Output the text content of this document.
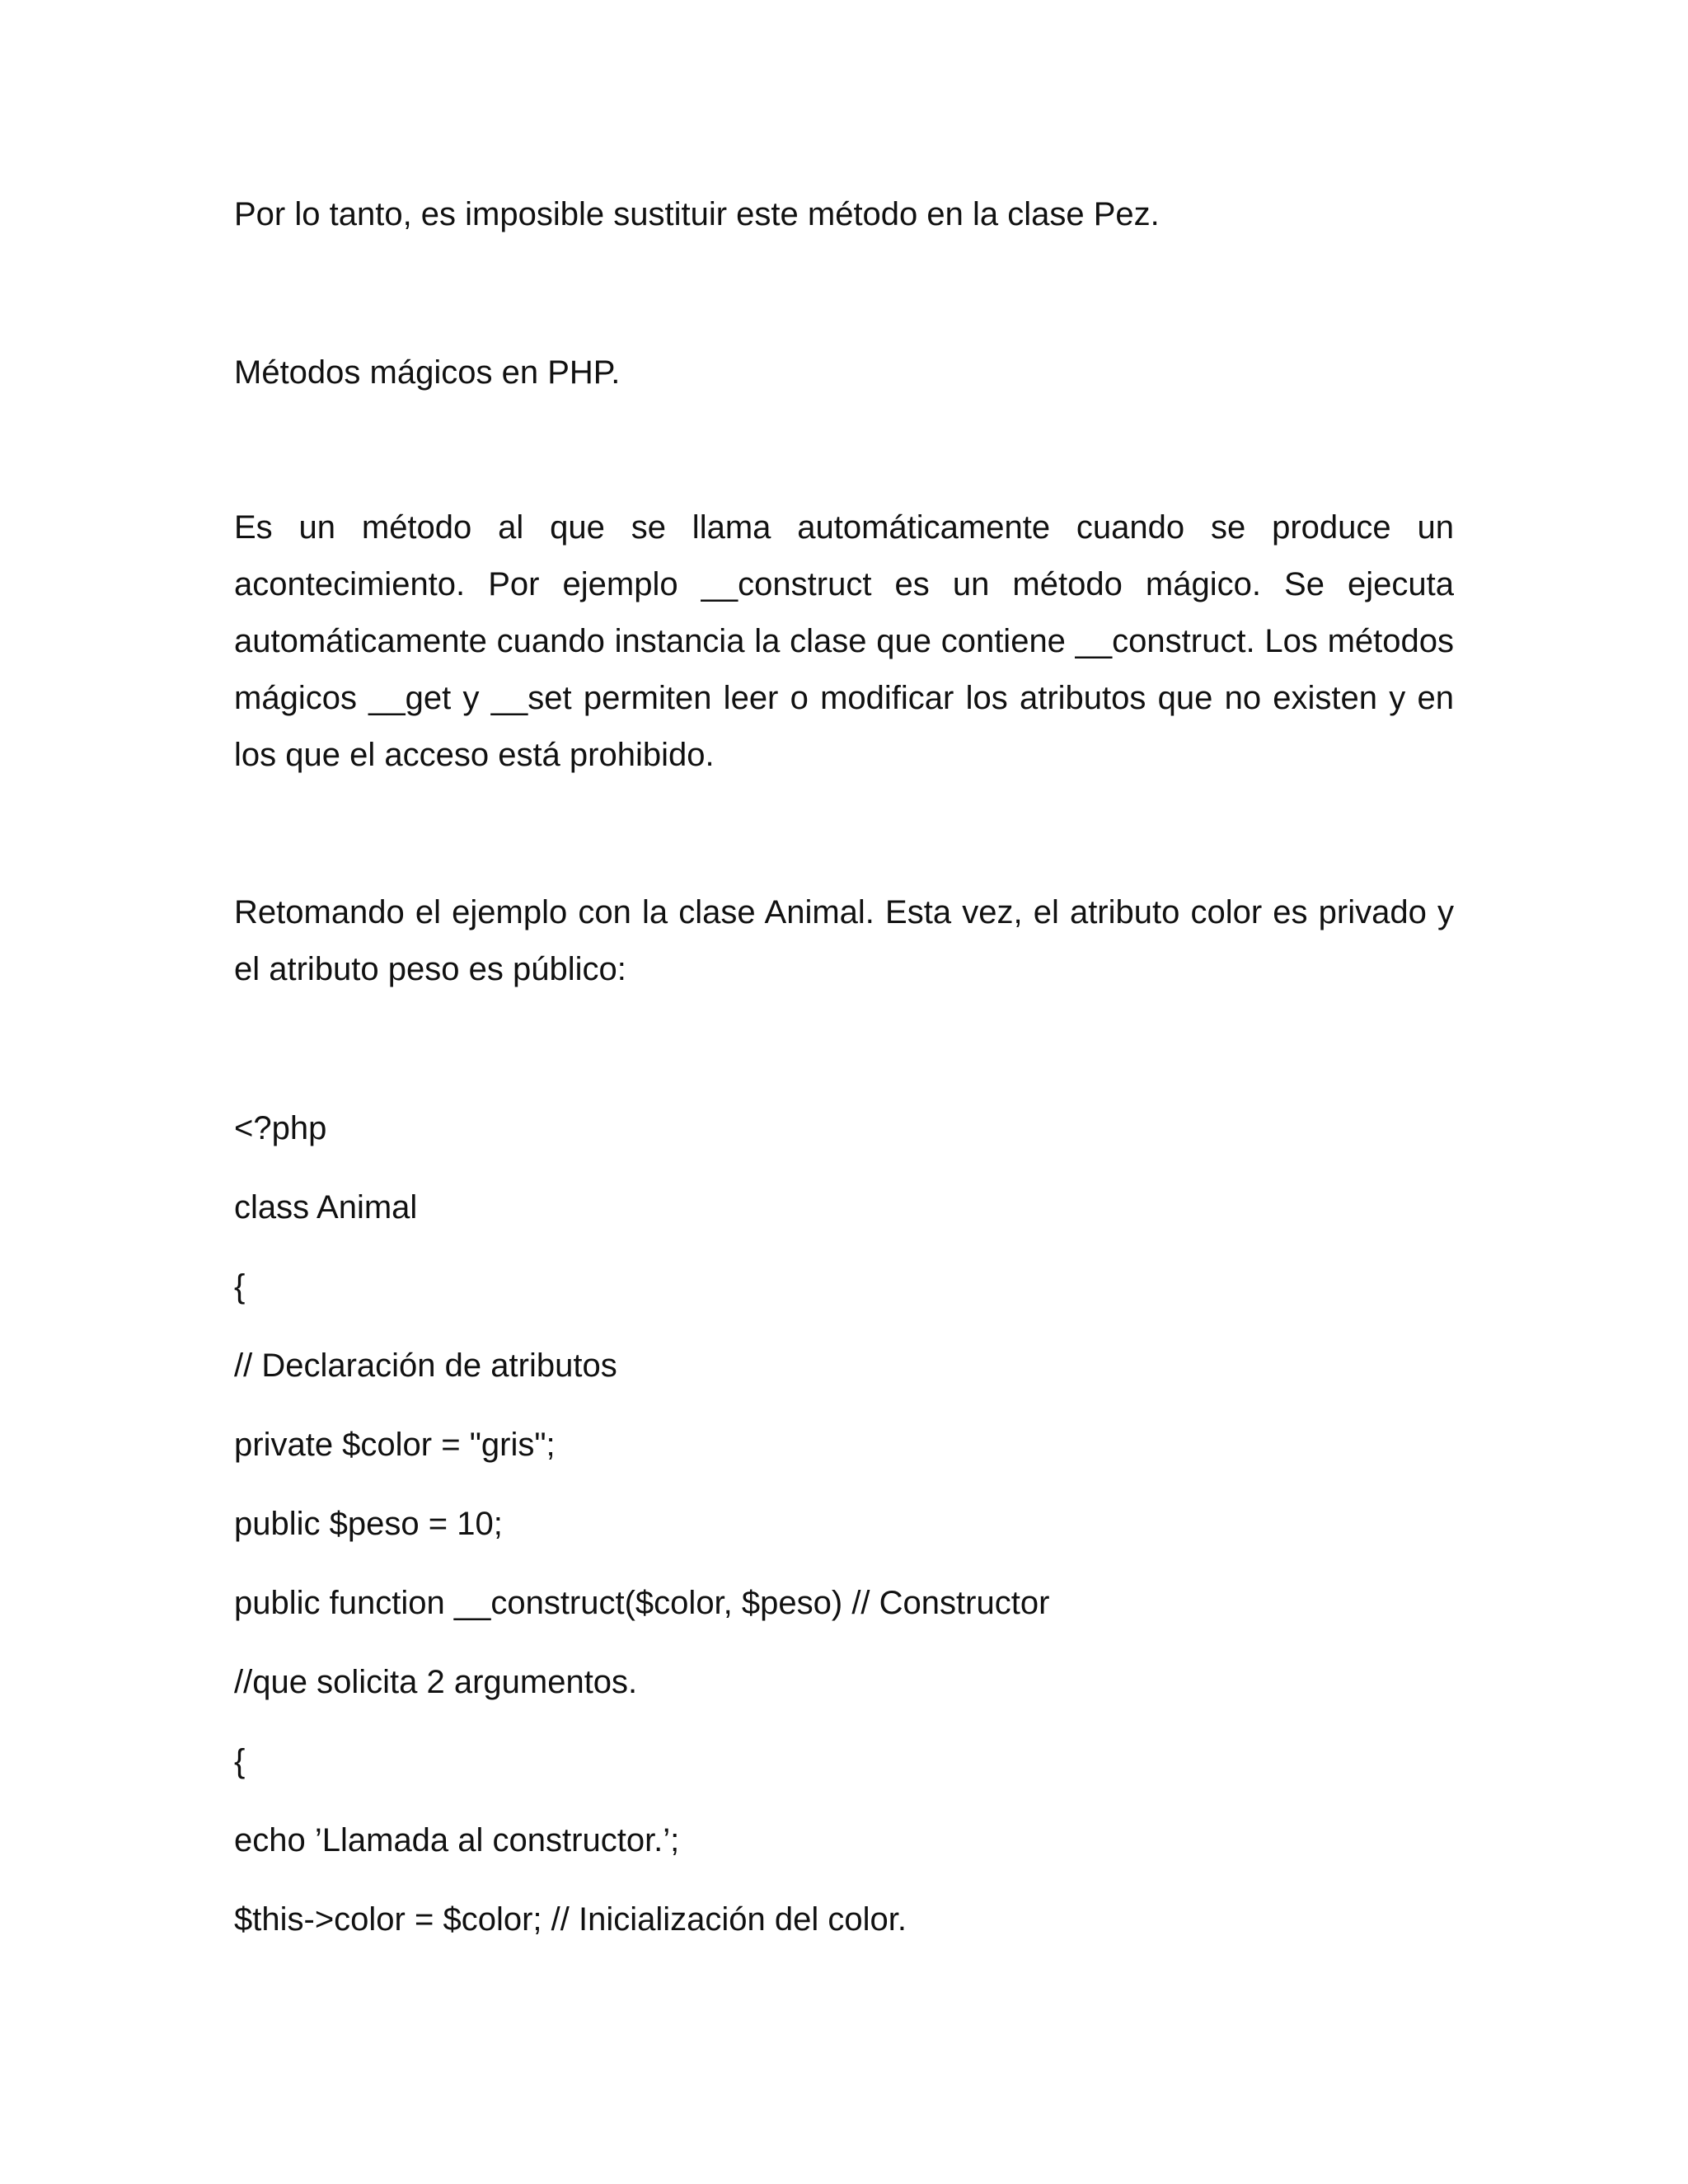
Por lo tanto, es imposible sustituir este método en la clase Pez.

Métodos mágicos en PHP.

Es un método al que se llama automáticamente cuando se produce un acontecimiento. Por ejemplo __construct es un método mágico. Se ejecuta automáticamente cuando instancia la clase que contiene __construct. Los métodos mágicos __get y __set permiten leer o modificar los atributos que no existen y en los que el acceso está prohibido.

Retomando el ejemplo con la clase Animal. Esta vez, el atributo color es privado y el atributo peso es público:

<?php
class Animal
{
// Declaración de atributos
private $color = "gris";
public $peso = 10;
public function __construct($color, $peso) // Constructor
//que solicita 2 argumentos.
{
echo ’Llamada al constructor.’;
$this->color = $color; // Inicialización del color.
